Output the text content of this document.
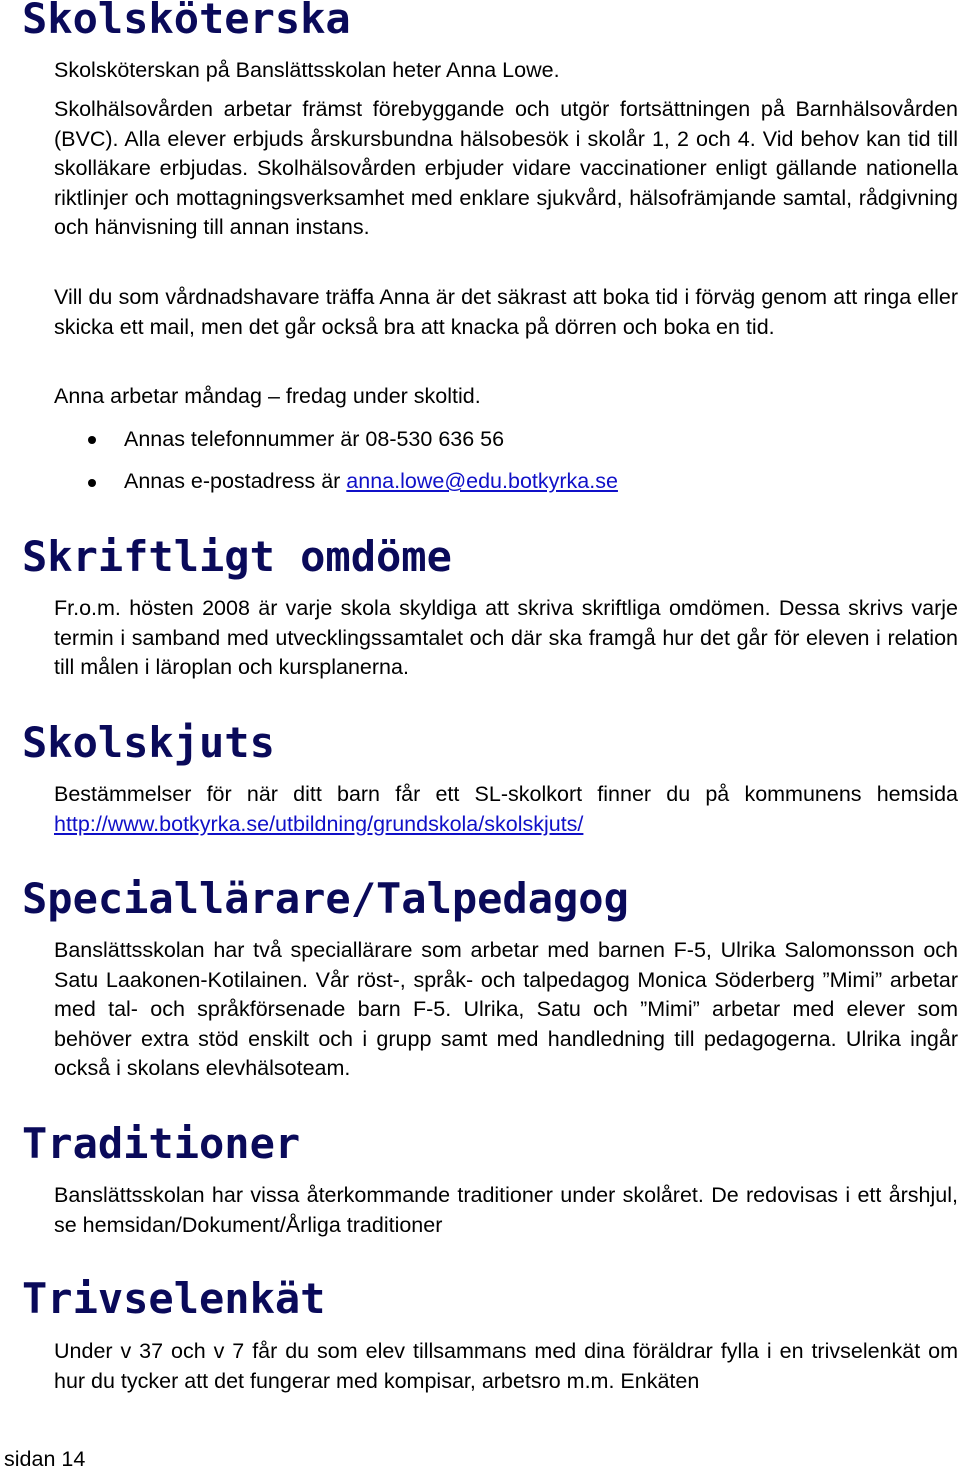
Skolsköterska

Skolsköterskan på Banslättsskolan heter Anna Lowe.

Skolhälsovården arbetar främst förebyggande och utgör fortsättningen på Barnhälsovården (BVC). Alla elever erbjuds årskursbundna hälsobesök i skolår 1, 2 och 4. Vid behov kan tid till skolläkare erbjudas. Skolhälsovården erbjuder vidare vaccinationer enligt gällande nationella riktlinjer och mottagningsverksamhet med enklare sjukvård, hälsofrämjande samtal, rådgivning och hänvisning till annan instans.

Vill du som vårdnadshavare träffa Anna är det säkrast att boka tid i förväg genom att ringa eller skicka ett mail, men det går också bra att knacka på dörren och boka en tid.

Anna arbetar måndag – fredag under skoltid.

Annas telefonnummer är 08-530 636 56

Annas e-postadress är anna.lowe@edu.botkyrka.se

Skriftligt omdöme

Fr.o.m. hösten 2008 är varje skola skyldiga att skriva skriftliga omdömen. Dessa skrivs varje termin i samband med utvecklingssamtalet och där ska framgå hur det går för eleven i relation till målen i läroplan och kursplanerna.

Skolskjuts

Bestämmelser för när ditt barn får ett SL-skolkort finner du på kommunens hemsida http://www.botkyrka.se/utbildning/grundskola/skolskjuts/

Speciallärare/Talpedagog

Banslättsskolan har två speciallärare som arbetar med barnen F-5, Ulrika Salomonsson och Satu Laakonen-Kotilainen. Vår röst-, språk- och talpedagog Monica Söderberg ”Mimi” arbetar med tal- och språkförsenade barn F-5. Ulrika, Satu och ”Mimi” arbetar med elever som behöver extra stöd enskilt och i grupp samt med handledning till pedagogerna. Ulrika ingår också i skolans elevhälsoteam.

Traditioner

Banslättsskolan har vissa återkommande traditioner under skolåret. De redovisas i ett årshjul, se hemsidan/Dokument/Årliga traditioner

Trivselenkät

Under v 37 och v 7 får du som elev tillsammans med dina föräldrar fylla i en trivselenkät om hur du tycker att det fungerar med kompisar, arbetsro m.m. Enkäten

sidan 14
